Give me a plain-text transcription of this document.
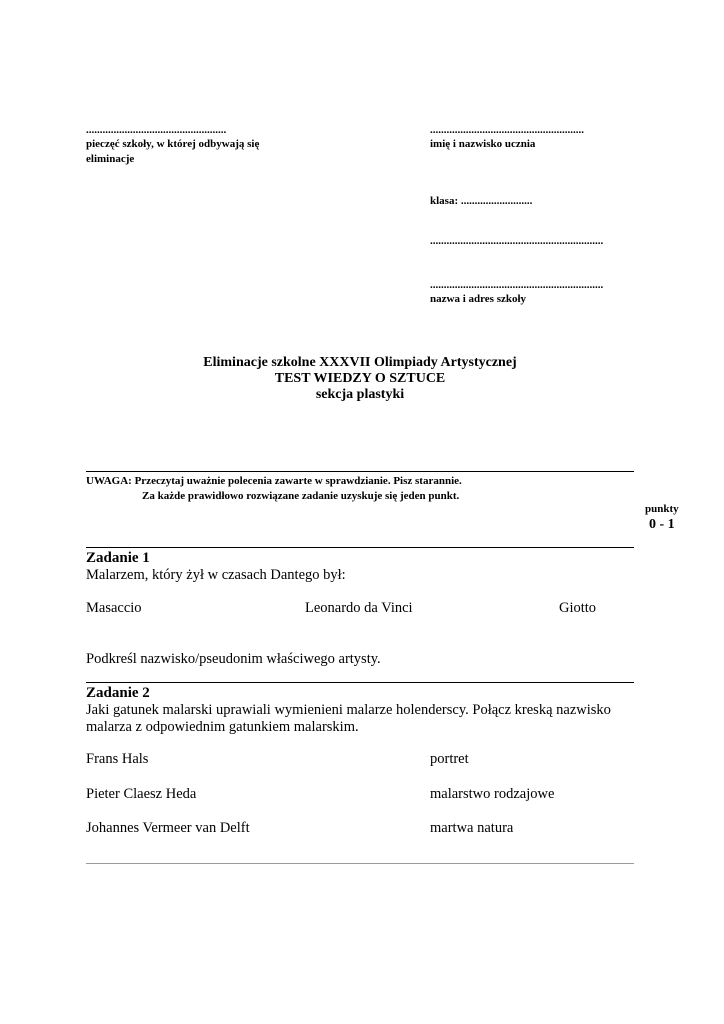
...................................................
pieczęć szkoły, w której odbywają się
eliminacje
........................................................
imię i nazwisko ucznia
klasa: ..........................
...............................................................
...............................................................
nazwa i adres szkoły
Eliminacje szkolne XXXVII Olimpiady Artystycznej
TEST WIEDZY O SZTUCE
sekcja plastyki
UWAGA: Przeczytaj uważnie polecenia zawarte w sprawdzianie. Pisz starannie.
Za każde prawidłowo rozwiązane zadanie uzyskuje się jeden punkt.
punkty
0 - 1
Zadanie 1
Malarzem, który żył w czasach Dantego był:
Masaccio	Leonardo da Vinci	Giotto
Podkreśl nazwisko/pseudonim właściwego artysty.
Zadanie 2
Jaki gatunek malarski uprawiali wymienieni malarze holenderscy. Połącz kreską nazwisko
malarza z odpowiednim gatunkiem malarskim.
Frans Hals
Pieter Claesz Heda
Johannes Vermeer van Delft
portret
malarstwo rodzajowe
martwa natura
